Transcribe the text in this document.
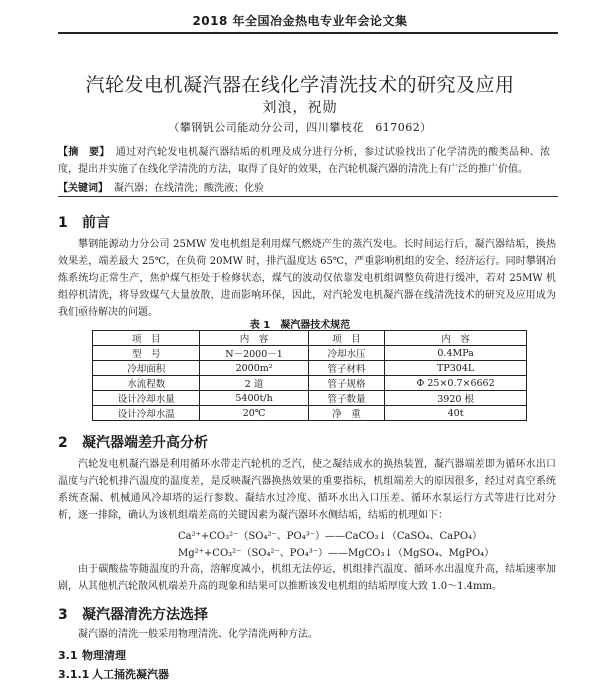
2018 年全国冶金热电专业年会论文集
汽轮发电机凝汽器在线化学清洗技术的研究及应用
刘浪，祝勋
（攀钢钒公司能动分公司，四川攀枝花　617062）
【摘　要】 通过对汽轮发电机凝汽器结垢的机理及成分进行分析，参过试验找出了化学清洗的酸类品种、浓度，提出并实施了在线化学清洗的方法，取得了良好的效果，在汽轮机凝汽器的清洗上有广泛的推广价值。
【关键词】 凝汽器；在线清洗；酸洗液；化验
1 前言
攀钢能源动力分公司 25MW 发电机组是利用煤气燃烧产生的蒸汽发电。长时间运行后，凝汽器结垢，换热效果差，端差最大 25℃，在负荷 20MW 时，排汽温度达 65℃，严重影响机组的安全、经济运行。同时攀钢冶炼系统均正常生产，焦炉煤气柜处于检修状态，煤气的波动仅依靠发电机组调整负荷进行缓冲，若对 25MW 机组停机清洗，将导致煤气大量放散，进而影响环保，因此，对汽轮发电机凝汽器在线清洗技术的研究及应用成为我们亟待解决的问题。
表 1　凝汽器技术规范
项　目	内　容	项　目	内　容
型　号	N－2000－1	冷却水压	0.4MPa
冷却面积	2000m²	管子材料	TP304L
水流程数	2 道	管子规格	Φ 25×0.7×6662
设计冷却水量	5400t/h	管子数量	3920 根
设计冷却水温	20℃	净　重	40t
2 凝汽器端差升高分析
汽轮发电机凝汽器是利用循环水带走汽轮机的乏汽，使之凝结成水的换热装置，凝汽器端差即为循环水出口温度与汽轮机排汽温度的温度差，是反映凝汽器换热效果的重要指标，机组端差大的原因很多，经过对真空系统系统查漏、机械通风冷却塔的运行参数、凝结水过冷度、循环水出入口压差、循环水泵运行方式等进行比对分析，逐一排除，确认为该机组端差高的关键因素为凝汽器环水侧结垢，结垢的机理如下：
Ca²⁺+CO₃²⁻（SO₄²⁻、PO₄³⁻）——CaCO₃↓（CaSO₄、CaPO₄）
Mg²⁺+CO₃²⁻（SO₄²⁻、PO₄³⁻）——MgCO₃↓（MgSO₄、MgPO₄）
由于碳酸盐等随温度的升高，溶解度减小，机组无法停运，机组排汽温度、循环水出温度升高，结垢速率加剧，从其他机汽轮散风机端差升高的现象和结果可以推断该发电机组的结垢厚度大致 1.0～1.4mm。
3 凝汽器清洗方法选择
凝汽器的清洗一般采用物理清洗、化学清洗两种方法。
3.1 物理清理
3.1.1 人工捅洗凝汽器
